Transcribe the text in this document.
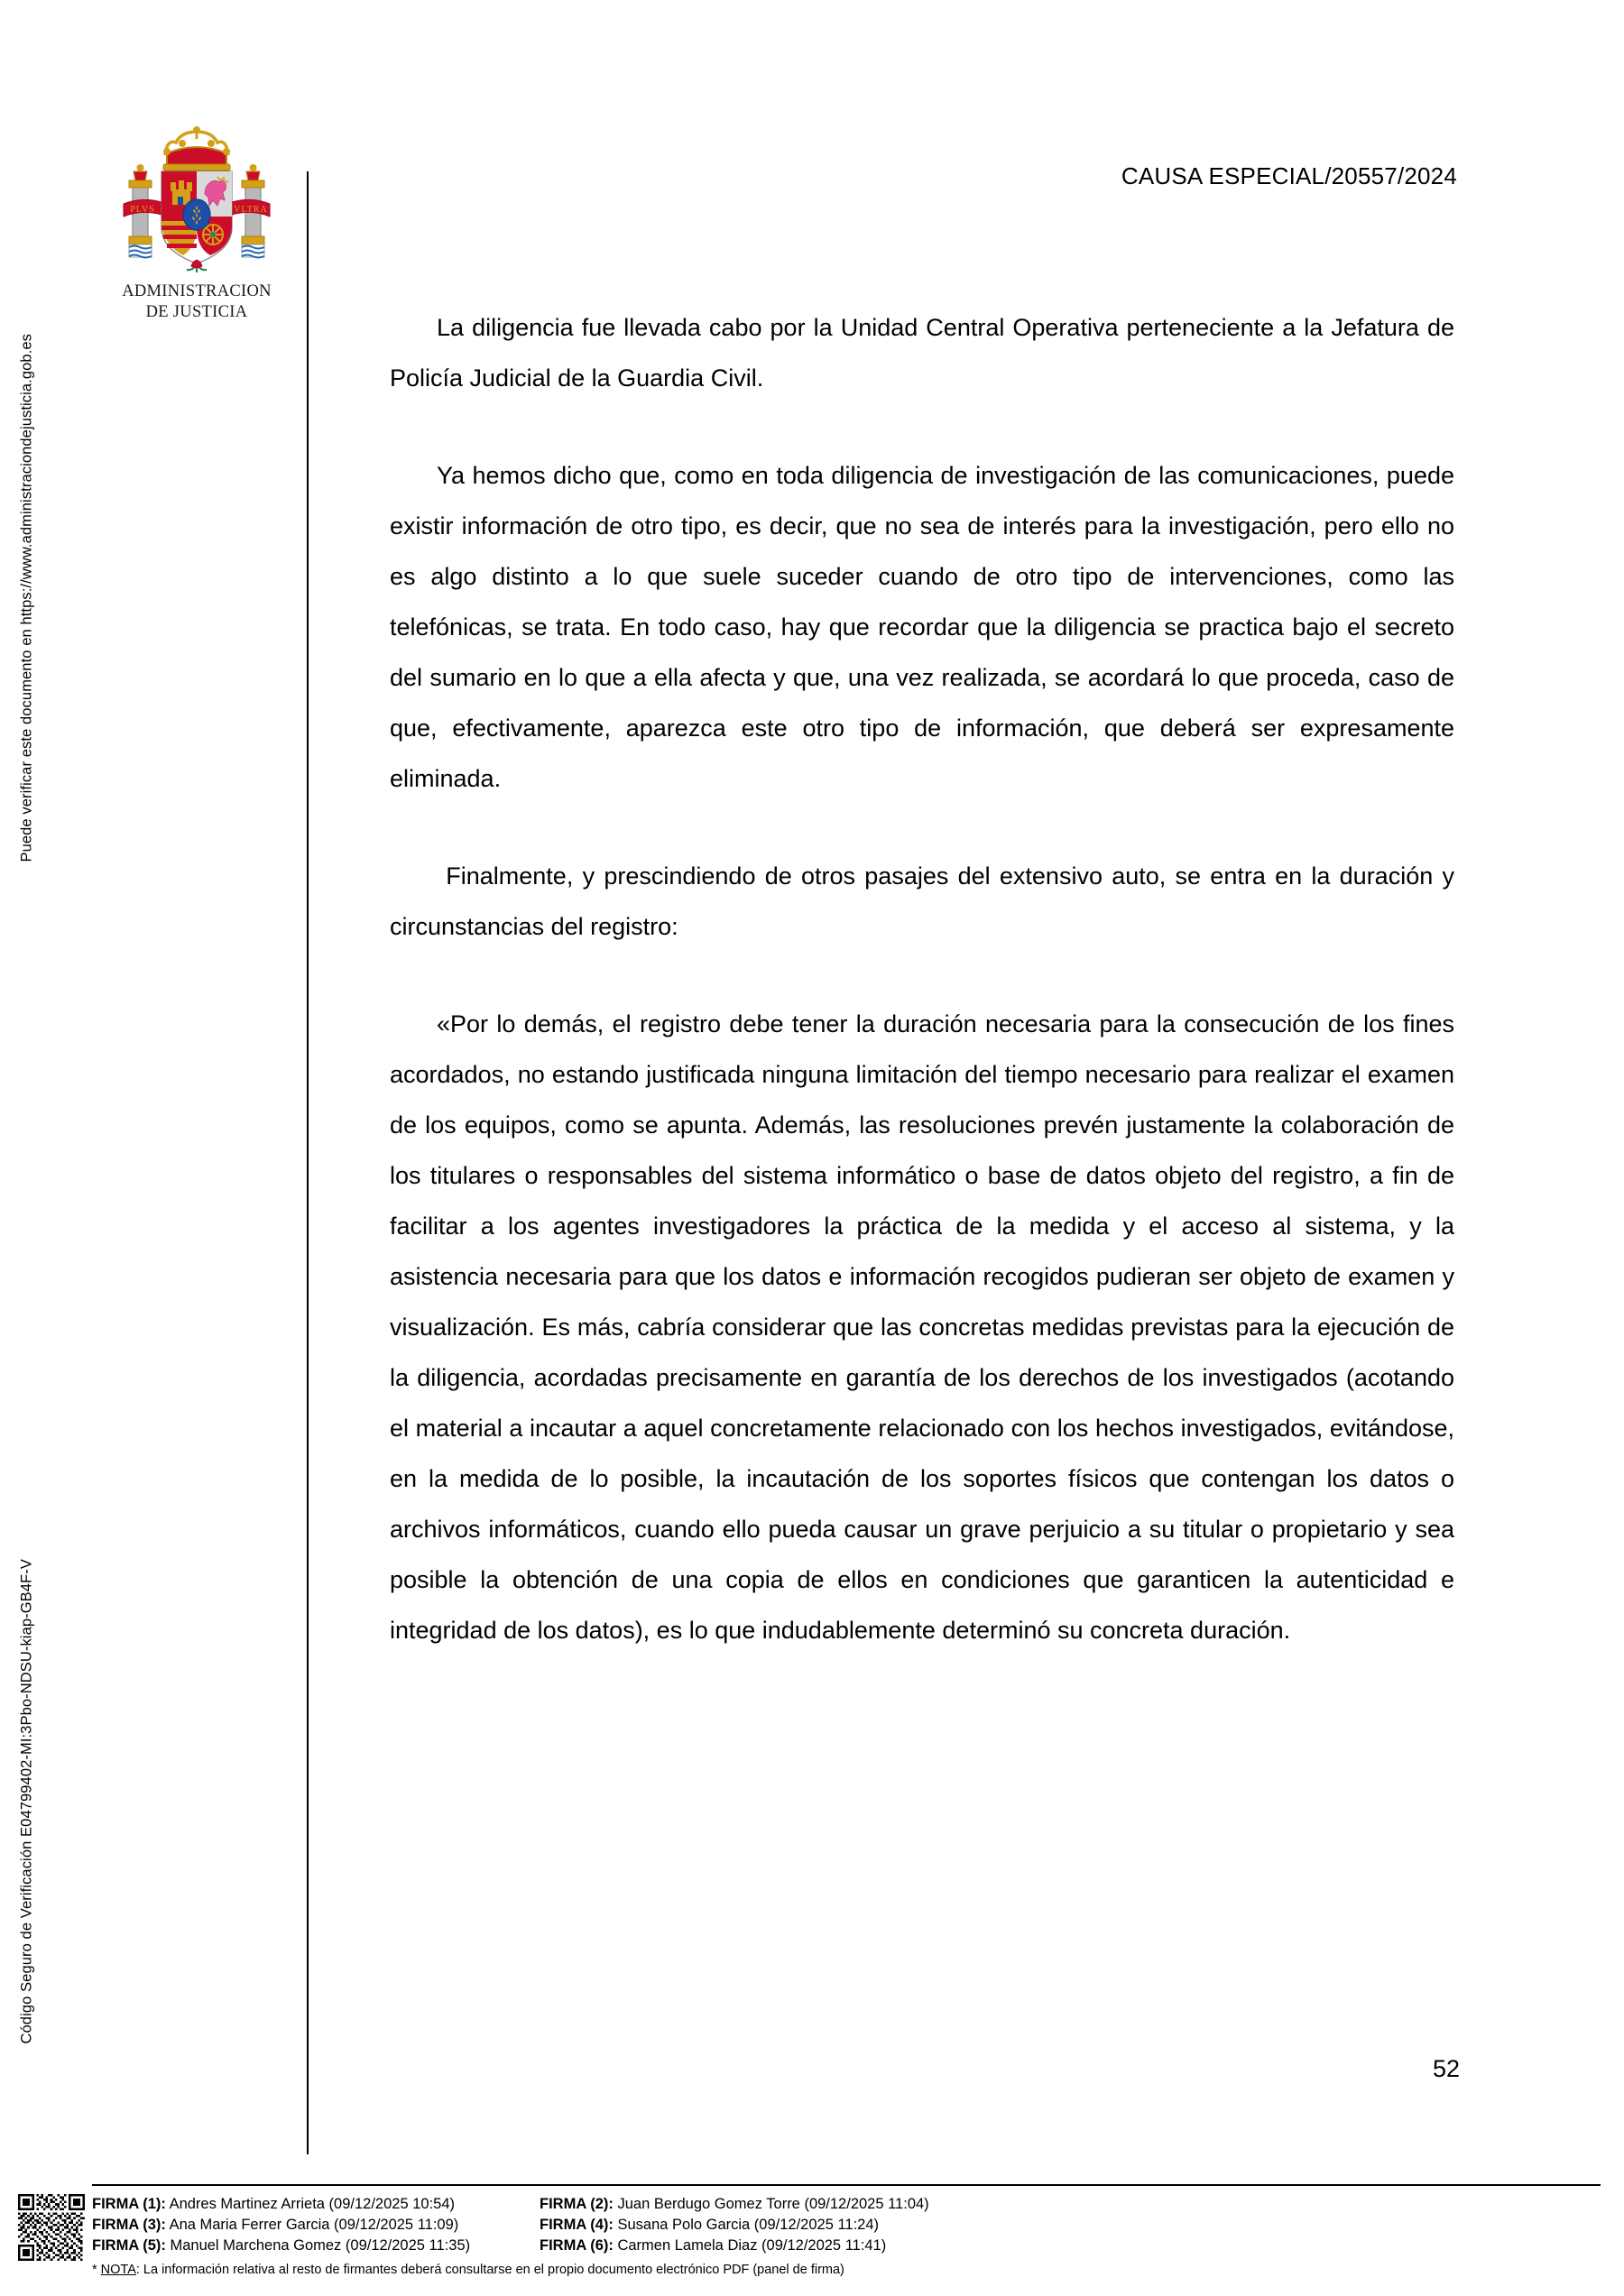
Código Seguro de Verificación E04799402-MI:3Pbo-NDSU-kiap-GB4F-V
Puede verificar este documento en https://www.administraciondejusticia.gob.es
PLVS	VLTRA
ADMINISTRACION
DE JUSTICIA
CAUSA ESPECIAL/20557/2024

La diligencia fue llevada cabo por la Unidad Central Operativa perteneciente a la Jefatura de Policía Judicial de la Guardia Civil.

Ya hemos dicho que, como en toda diligencia de investigación de las comunicaciones, puede existir información de otro tipo, es decir, que no sea de interés para la investigación, pero ello no es algo distinto a lo que suele suceder cuando de otro tipo de intervenciones, como las telefónicas, se trata. En todo caso, hay que recordar que la diligencia se practica bajo el secreto del sumario en lo que a ella afecta y que, una vez realizada, se acordará lo que proceda, caso de que, efectivamente, aparezca este otro tipo de información, que deberá ser expresamente eliminada.

Finalmente, y prescindiendo de otros pasajes del extensivo auto, se entra en la duración y circunstancias del registro:

«Por lo demás, el registro debe tener la duración necesaria para la consecución de los fines acordados, no estando justificada ninguna limitación del tiempo necesario para realizar el examen de los equipos, como se apunta. Además, las resoluciones prevén justamente la colaboración de los titulares o responsables del sistema informático o base de datos objeto del registro, a fin de facilitar a los agentes investigadores la práctica de la medida y el acceso al sistema, y la asistencia necesaria para que los datos e información recogidos pudieran ser objeto de examen y visualización. Es más, cabría considerar que las concretas medidas previstas para la ejecución de la diligencia, acordadas precisamente en garantía de los derechos de los investigados (acotando el material a incautar a aquel concretamente relacionado con los hechos investigados, evitándose, en la medida de lo posible, la incautación de los soportes físicos que contengan los datos o archivos informáticos, cuando ello pueda causar un grave perjuicio a su titular o propietario y sea posible la obtención de una copia de ellos en condiciones que garanticen la autenticidad e integridad de los datos), es lo que indudablemente determinó su concreta duración.

52
FIRMA (1): Andres Martinez Arrieta (09/12/2025 10:54)	FIRMA (2): Juan Berdugo Gomez Torre (09/12/2025 11:04)
FIRMA (3): Ana Maria Ferrer Garcia (09/12/2025 11:09)	FIRMA (4): Susana Polo Garcia (09/12/2025 11:24)
FIRMA (5): Manuel Marchena Gomez (09/12/2025 11:35)	FIRMA (6): Carmen Lamela Diaz (09/12/2025 11:41)
* NOTA: La información relativa al resto de firmantes deberá consultarse en el propio documento electrónico PDF (panel de firma)
